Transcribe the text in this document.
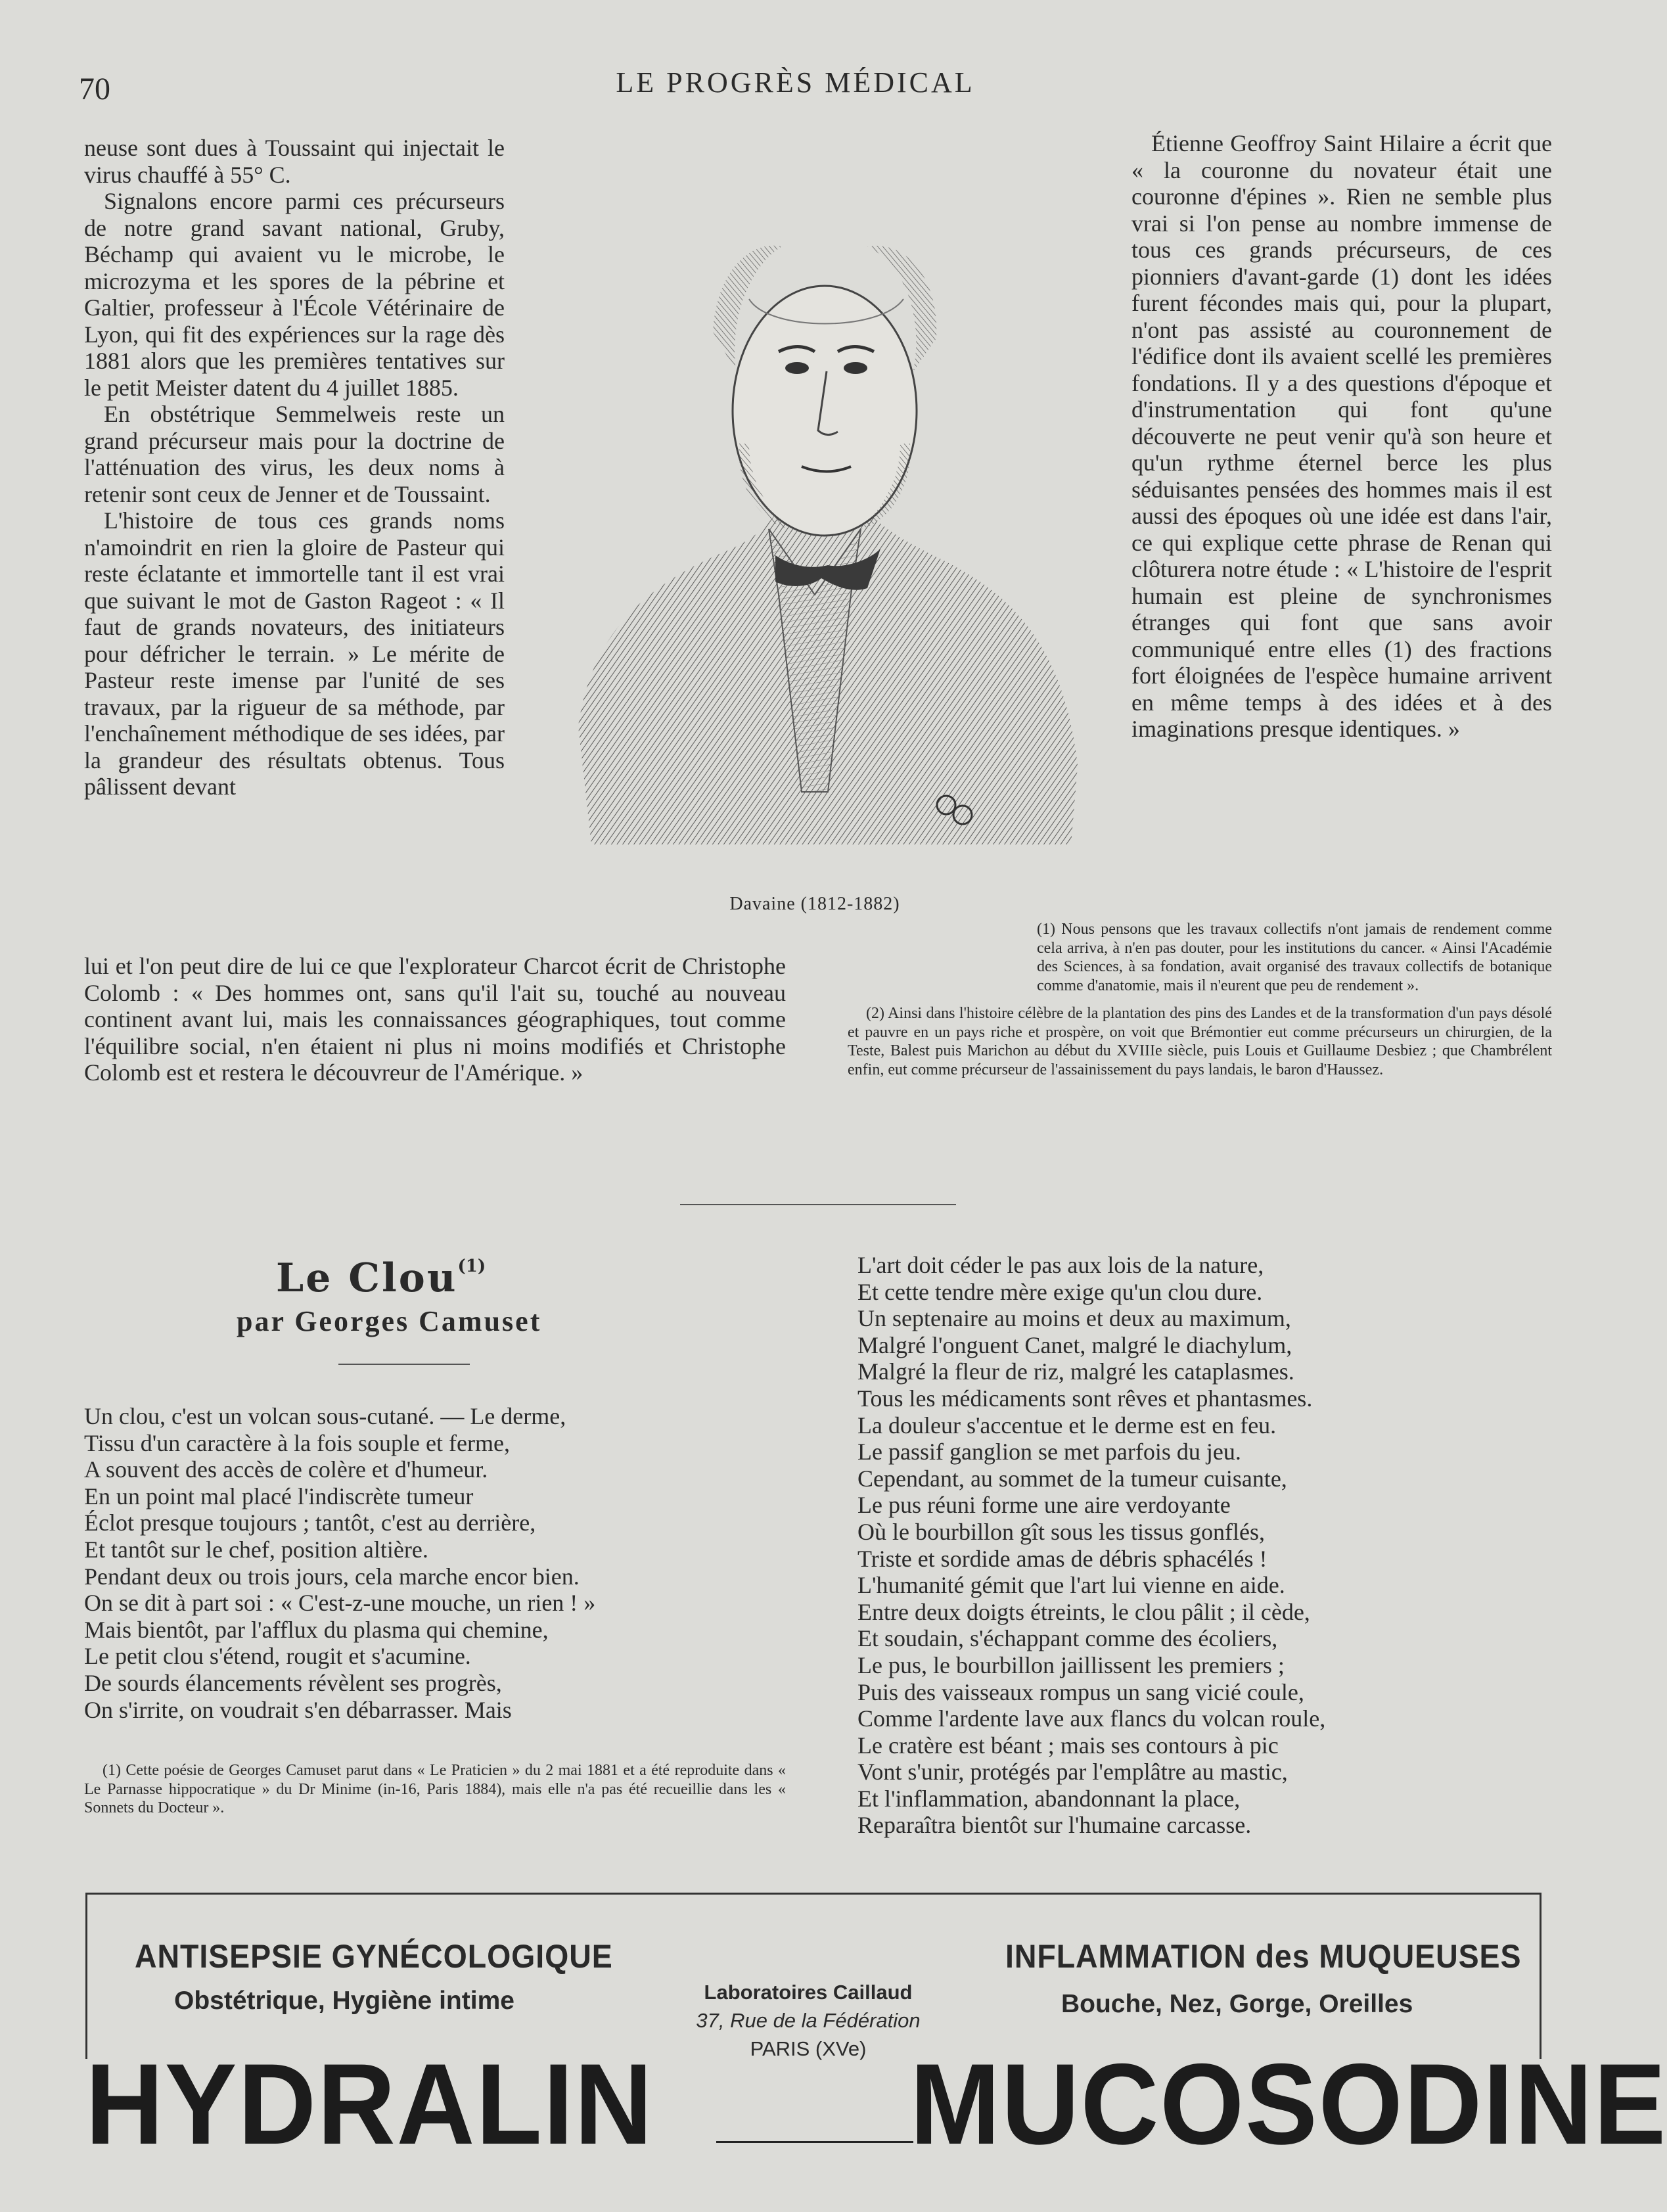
70	LE PROGRÈS MÉDICAL

neuse sont dues à Toussaint qui injectait le virus chauffé à 55° C.

Signalons encore parmi ces précurseurs de notre grand savant national, Gruby, Béchamp qui avaient vu le microbe, le microzyma et les spores de la pébrine et Galtier, professeur à l'École Vétérinaire de Lyon, qui fit des expériences sur la rage dès 1881 alors que les premières tentatives sur le petit Meister datent du 4 juillet 1885.

En obstétrique Semmelweis reste un grand précurseur mais pour la doctrine de l'atténuation des virus, les deux noms à retenir sont ceux de Jenner et de Toussaint.

L'histoire de tous ces grands noms n'amoindrit en rien la gloire de Pasteur qui reste éclatante et immortelle tant il est vrai que suivant le mot de Gaston Rageot : « Il faut de grands novateurs, des initiateurs pour défricher le terrain. » Le mérite de Pasteur reste imense par l'unité de ses travaux, par la rigueur de sa méthode, par l'enchaînement méthodique de ses idées, par la grandeur des résultats obtenus. Tous pâlissent devant

lui et l'on peut dire de lui ce que l'explorateur Charcot écrit de Christophe Colomb : « Des hommes ont, sans qu'il l'ait su, touché au nouveau continent avant lui, mais les connaissances géographiques, tout comme l'équilibre social, n'en étaient ni plus ni moins modifiés et Christophe Colomb est et restera le découvreur de l'Amérique. »

Étienne Geoffroy Saint Hilaire a écrit que « la couronne du novateur était une couronne d'épines ». Rien ne semble plus vrai si l'on pense au nombre immense de tous ces grands précurseurs, de ces pionniers d'avant-garde (1) dont les idées furent fécondes mais qui, pour la plupart, n'ont pas assisté au couronnement de l'édifice dont ils avaient scellé les premières fondations. Il y a des questions d'époque et d'instrumentation qui font qu'une découverte ne peut venir qu'à son heure et qu'un rythme éternel berce les plus séduisantes pensées des hommes mais il est aussi des époques où une idée est dans l'air, ce qui explique cette phrase de Renan qui clôturera notre étude : « L'histoire de l'esprit humain est pleine de synchronismes étranges qui font que sans avoir communiqué entre elles (1) des fractions fort éloignées de l'espèce humaine arrivent en même temps à des idées et à des imaginations presque identiques. »

Davaine (1812-1882)

(1) Nous pensons que les travaux collectifs n'ont jamais de rendement comme cela arriva, à n'en pas douter, pour les institutions du cancer. « Ainsi l'Académie des Sciences, à sa fondation, avait organisé des travaux collectifs de botanique comme d'anatomie, mais il n'eurent que peu de rendement ».

(2) Ainsi dans l'histoire célèbre de la plantation des pins des Landes et de la transformation d'un pays désolé et pauvre en un pays riche et prospère, on voit que Brémontier eut comme précurseurs un chirurgien, de la Teste, Balest puis Marichon au début du XVIIIe siècle, puis Louis et Guillaume Desbiez ; que Chambrélent enfin, eut comme précurseur de l'assainissement du pays landais, le baron d'Haussez.

Le Clou$^{(1)}$
par Georges Camuset
Un clou, c'est un volcan sous-cutané. — Le derme,
Tissu d'un caractère à la fois souple et ferme,
A souvent des accès de colère et d'humeur.
En un point mal placé l'indiscrète tumeur
Éclot presque toujours ; tantôt, c'est au derrière,
Et tantôt sur le chef, position altière.
Pendant deux ou trois jours, cela marche encor bien.
On se dit à part soi : « C'est-z-une mouche, un rien ! »
Mais bientôt, par l'afflux du plasma qui chemine,
Le petit clou s'étend, rougit et s'acumine.
De sourds élancements révèlent ses progrès,
On s'irrite, on voudrait s'en débarrasser. Mais
(1) Cette poésie de Georges Camuset parut dans « Le Praticien » du 2 mai 1881 et a été reproduite dans « Le Parnasse hippocratique » du Dr Minime (in-16, Paris 1884), mais elle n'a pas été recueillie dans les « Sonnets du Docteur ».
L'art doit céder le pas aux lois de la nature,
Et cette tendre mère exige qu'un clou dure.
Un septenaire au moins et deux au maximum,
Malgré l'onguent Canet, malgré le diachylum,
Malgré la fleur de riz, malgré les cataplasmes.
Tous les médicaments sont rêves et phantasmes.
La douleur s'accentue et le derme est en feu.
Le passif ganglion se met parfois du jeu.
Cependant, au sommet de la tumeur cuisante,
Le pus réuni forme une aire verdoyante
Où le bourbillon gît sous les tissus gonflés,
Triste et sordide amas de débris sphacélés !
L'humanité gémit que l'art lui vienne en aide.
Entre deux doigts étreints, le clou pâlit ; il cède,
Et soudain, s'échappant comme des écoliers,
Le pus, le bourbillon jaillissent les premiers ;
Puis des vaisseaux rompus un sang vicié coule,
Comme l'ardente lave aux flancs du volcan roule,
Le cratère est béant ; mais ses contours à pic
Vont s'unir, protégés par l'emplâtre au mastic,
Et l'inflammation, abandonnant la place,
Reparaîtra bientôt sur l'humaine carcasse.
ANTISEPSIE GYNÉCOLOGIQUE
Obstétrique, Hygiène intime
INFLAMMATION des MUQUEUSES
Bouche, Nez, Gorge, Oreilles
Laboratoires Caillaud
37, Rue de la Fédération
PARIS (XVe)
HYDRALIN MUCOSODINE
